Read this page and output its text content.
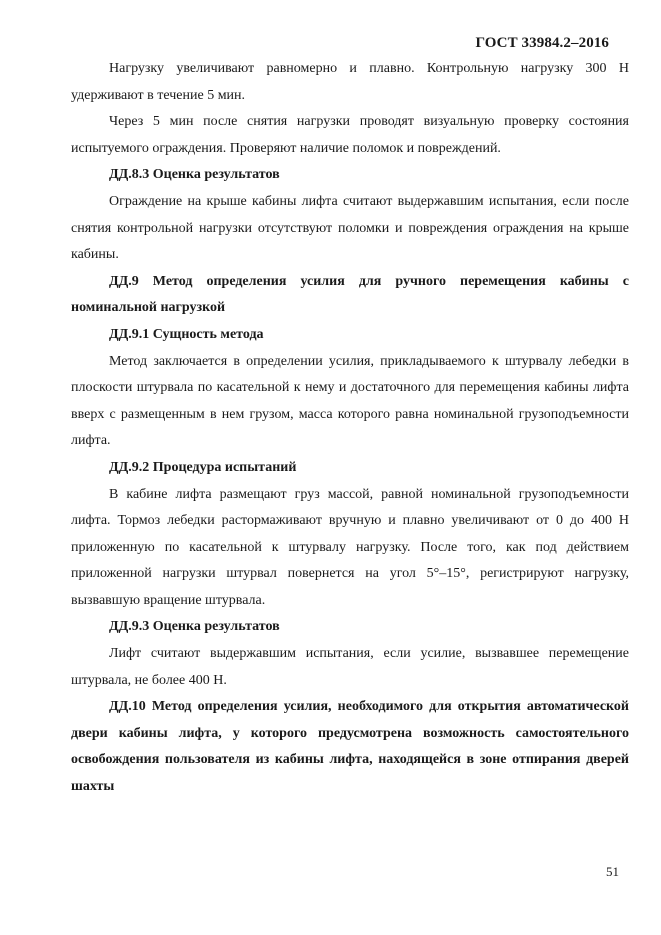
ГОСТ 33984.2–2016

Нагрузку увеличивают равномерно и плавно. Контрольную нагрузку 300 Н удерживают в течение 5 мин.

Через 5 мин после снятия нагрузки проводят визуальную проверку состояния испытуемого ограждения. Проверяют наличие поломок и повреждений.

ДД.8.3 Оценка результатов

Ограждение на крыше кабины лифта считают выдержавшим испытания, если после снятия контрольной нагрузки отсутствуют поломки и повреждения ограждения на крыше кабины.

ДД.9 Метод определения усилия для ручного перемещения кабины с номинальной нагрузкой

ДД.9.1 Сущность метода

Метод заключается в определении усилия, прикладываемого к штурвалу лебедки в плоскости штурвала по касательной к нему и достаточного для перемещения кабины лифта вверх с размещенным в нем грузом, масса которого равна номинальной грузоподъемности лифта.

ДД.9.2 Процедура испытаний

В кабине лифта размещают груз массой, равной номинальной грузоподъемности лифта. Тормоз лебедки растормаживают вручную и плавно увеличивают от 0 до 400 Н приложенную по касательной к штурвалу нагрузку. После того, как под действием приложенной нагрузки штурвал повернется на угол 5°–15°, регистрируют нагрузку, вызвавшую вращение штурвала.

ДД.9.3 Оценка результатов

Лифт считают выдержавшим испытания, если усилие, вызвавшее перемещение штурвала, не более 400 Н.

ДД.10 Метод определения усилия, необходимого для открытия автоматической двери кабины лифта, у которого предусмотрена возможность самостоятельного освобождения пользователя из кабины лифта, находящейся в зоне отпирания дверей шахты

51
